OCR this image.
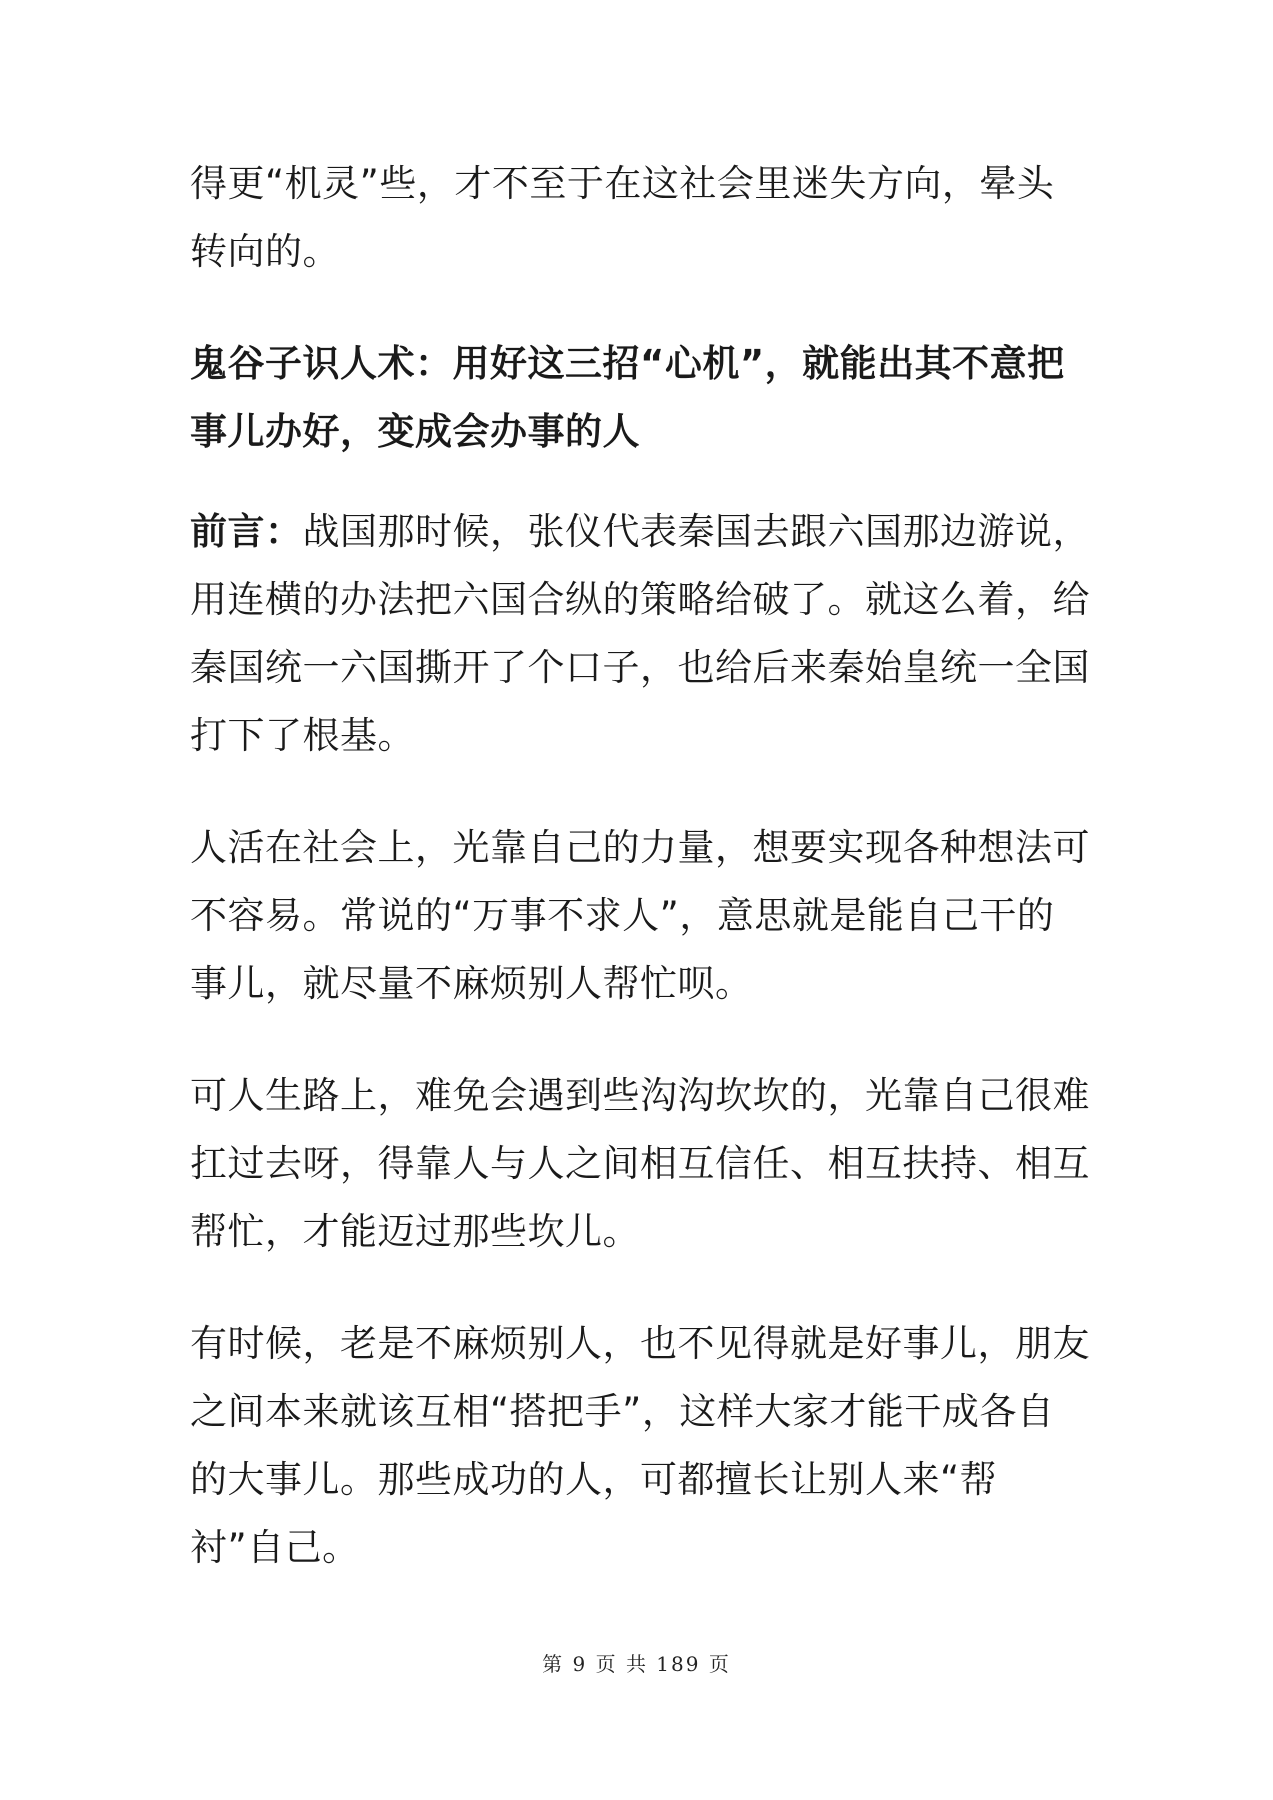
得更“机灵”些，才不至于在这社会里迷失方向，晕头转向的。

鬼谷子识人术：用好这三招“心机”，就能出其不意把事儿办好，变成会办事的人

前言：战国那时候，张仪代表秦国去跟六国那边游说，用连横的办法把六国合纵的策略给破了。就这么着，给秦国统一六国撕开了个口子，也给后来秦始皇统一全国打下了根基。

人活在社会上，光靠自己的力量，想要实现各种想法可不容易。常说的“万事不求人”，意思就是能自己干的事儿，就尽量不麻烦别人帮忙呗。

可人生路上，难免会遇到些沟沟坎坎的，光靠自己很难扛过去呀，得靠人与人之间相互信任、相互扶持、相互帮忙，才能迈过那些坎儿。

有时候，老是不麻烦别人，也不见得就是好事儿，朋友之间本来就该互相“搭把手”，这样大家才能干成各自的大事儿。那些成功的人，可都擅长让别人来“帮衬”自己。

第 9 页 共 189 页
